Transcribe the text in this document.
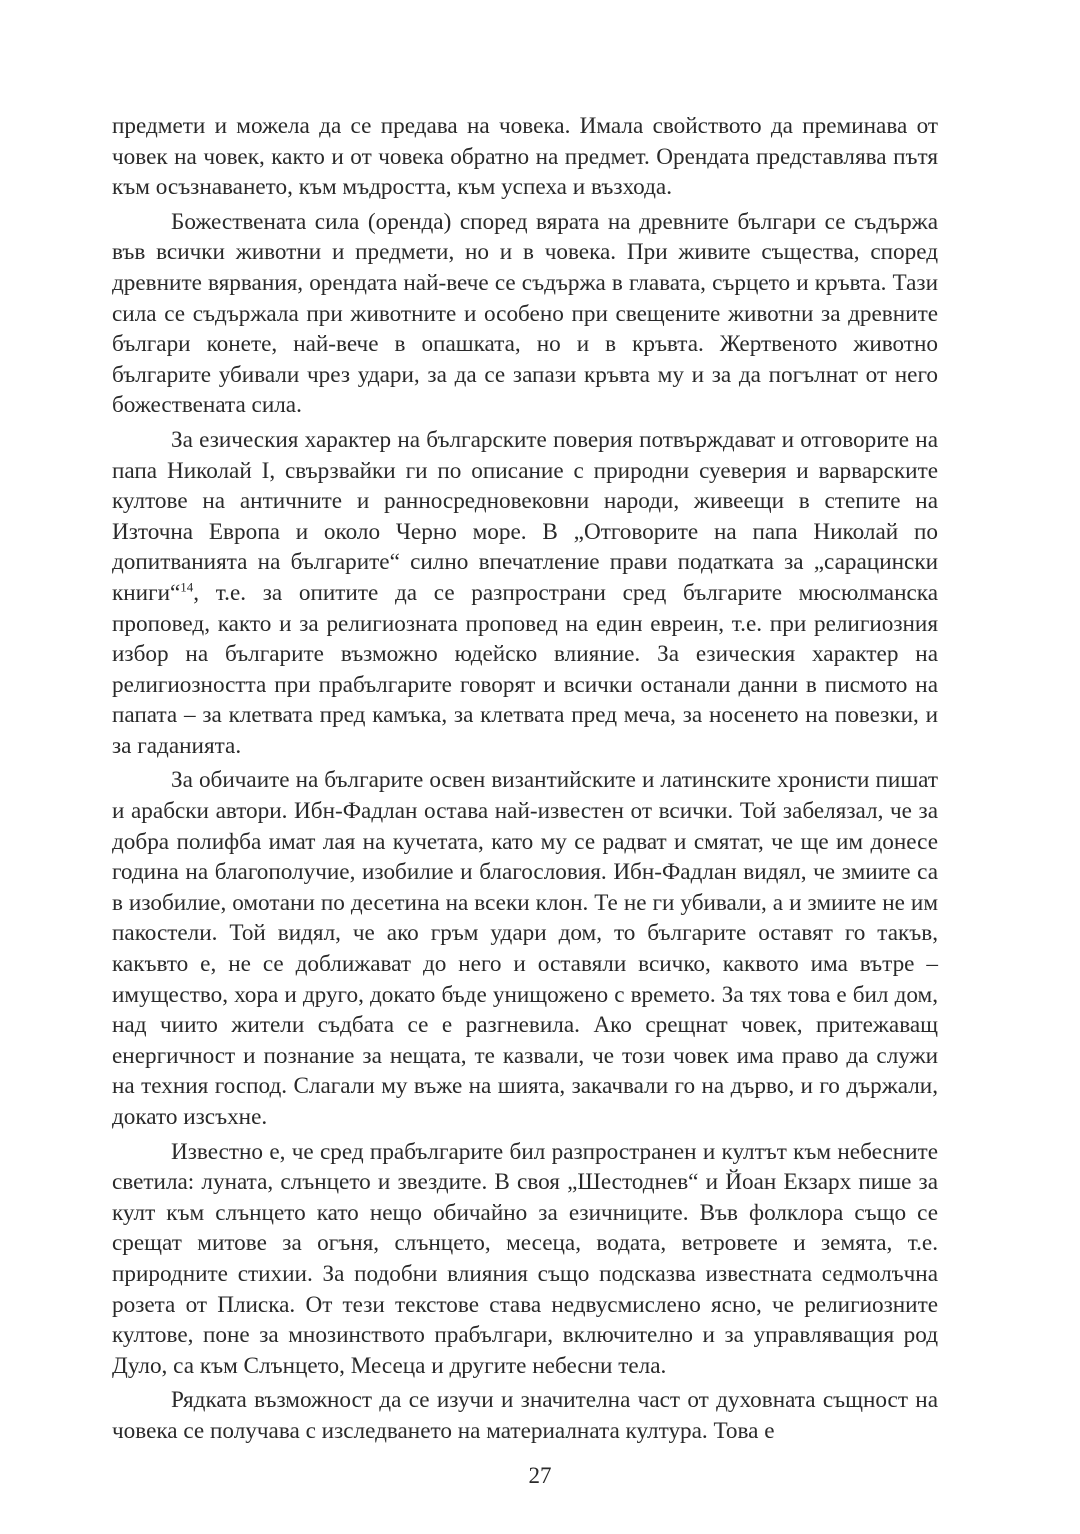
предмети и можела да се предава на човека. Имала свойството да преминава от човек на човек, както и от човека обратно на предмет. Орендата представлява пътя към осъзнаването, към мъдростта, към успеха и възхода.

Божествената сила (оренда) според вярата на древните българи се съдържа във всички животни и предмети, но и в човека. При живите същества, според древните вярвания, орендата най-вече се съдържа в главата, сърцето и кръвта. Тази сила се съдържала при животните и особено при свещените животни за древните българи конете, най-вече в опашката, но и в кръвта. Жертвеното животно българите убивали чрез удари, за да се запази кръвта му и за да погълнат от него божествената сила.

За езическия характер на българските поверия потвърждават и отговорите на папа Николай I, свързвайки ги по описание с природни суеверия и варварските култове на античните и ранносредновековни народи, живеещи в степите на Източна Европа и около Черно море. В „Отговорите на папа Николай по допитванията на българите“ силно впечатление прави податката за „сарацински книги“$^{14}$, т.е. за опитите да се разпространи сред българите мюсюлманска проповед, както и за религиозната проповед на един евреин, т.е. при религиозния избор на българите възможно юдейско влияние. За езическия характер на религиозността при прабългарите говорят и всички останали данни в писмото на папата – за клетвата пред камъка, за клетвата пред меча, за носенето на повезки, и за гаданията.

За обичаите на българите освен византийските и латинските хронисти пишат и арабски автори. Ибн-Фадлан остава най-известен от всички. Той забелязал, че за добра полифба имат лая на кучетата, като му се радват и смятат, че ще им донесе година на благополучие, изобилие и благословия. Ибн-Фадлан видял, че змиите са в изобилие, омотани по десетина на всеки клон. Те не ги убивали, а и змиите не им пакостели. Той видял, че ако гръм удари дом, то българите оставят го такъв, какъвто е, не се доближават до него и оставяли всичко, каквото има вътре – имущество, хора и друго, докато бъде унищожено с времето. За тях това е бил дом, над чиито жители съдбата се е разгневила. Ако срещнат човек, притежаващ енергичност и познание за нещата, те казвали, че този човек има право да служи на техния господ. Слагали му въже на шията, закачвали го на дърво, и го държали, докато изсъхне.

Известно е, че сред прабългарите бил разпространен и култът към небесните светила: луната, слънцето и звездите. В своя „Шестоднев“ и Йоан Екзарх пише за култ към слънцето като нещо обичайно за езичниците. Във фолклора също се срещат митове за огъня, слънцето, месеца, водата, ветровете и земята, т.е. природните стихии. За подобни влияния също подсказва известната седмолъчна розета от Плиска. От тези текстове става недвусмислено ясно, че религиозните култове, поне за мнозинството прабългари, включително и за управляващия род Дуло, са към Слънцето, Месеца и другите небесни тела.

Рядката възможност да се изучи и значителна част от духовната същност на човека се получава с изследването на материалната култура. Това е

27
